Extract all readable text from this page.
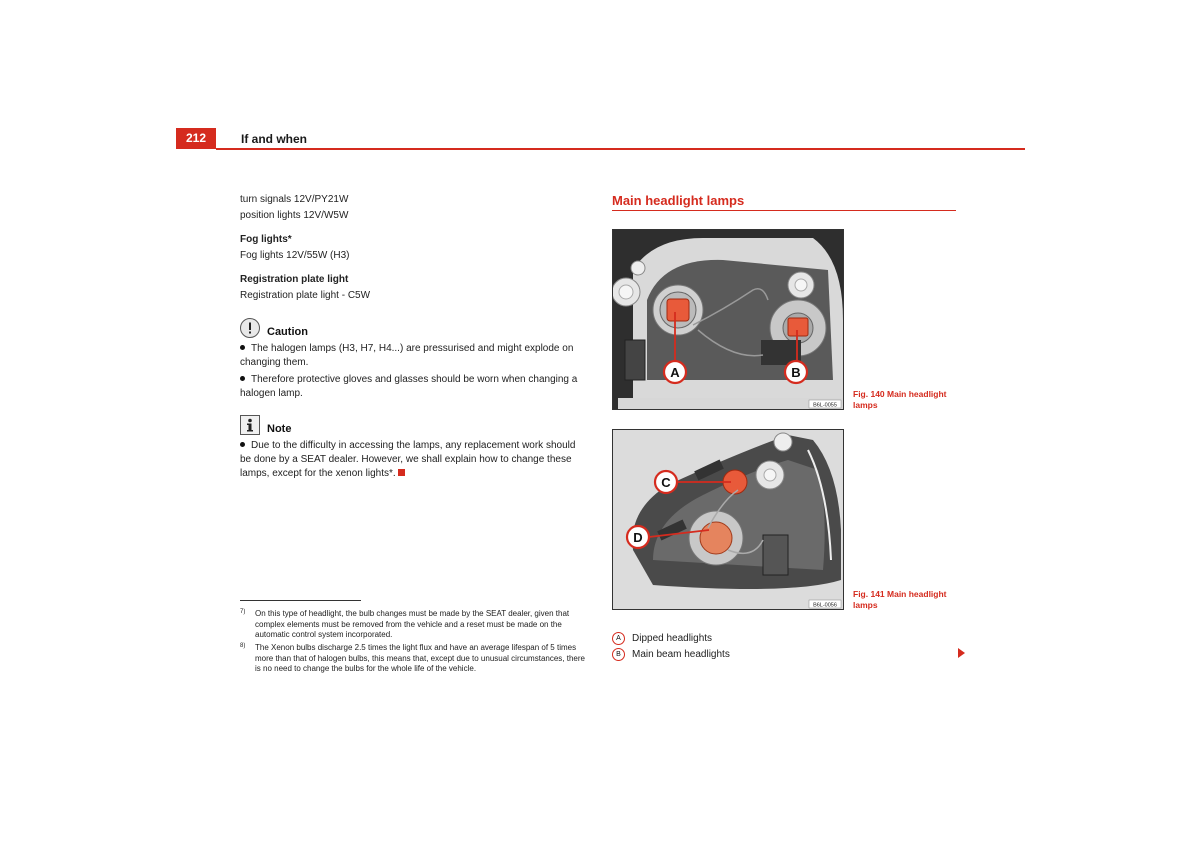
212	If and when
turn signals 12V/PY21W
position lights 12V/W5W
Fog lights*
Fog lights 12V/55W (H3)
Registration plate light
Registration plate light - C5W
Caution
The halogen lamps (H3, H7, H4...) are pressurised and might explode on changing them.
Therefore protective gloves and glasses should be worn when changing a halogen lamp.
Note
Due to the difficulty in accessing the lamps, any replacement work should be done by a SEAT dealer. However, we shall explain how to change these lamps, except for the xenon lights*.
7)	On this type of headlight, the bulb changes must be made by the SEAT dealer, given that complex elements must be removed from the vehicle and a reset must be made on the automatic control system incorporated.
8)	The Xenon bulbs discharge 2.5 times the light flux and have an average lifespan of 5 times more than that of halogen bulbs, this means that, except due to unusual circumstances, there is no need to change the bulbs for the whole life of the vehicle.
Main headlight lamps
A	B
B6L-0055
Fig. 140 Main headlight lamps
C
D
B6L-0056
Fig. 141 Main headlight lamps
A Dipped headlights
B Main beam headlights
